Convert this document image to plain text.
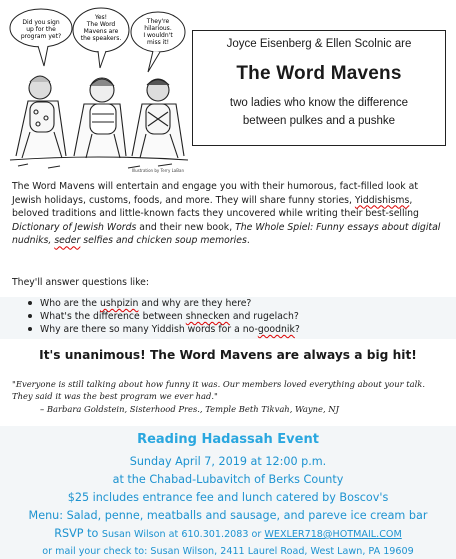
Did you sign up for the program yet?
Yes! The Word Mavens are the speakers.
They're hilarious. I wouldn't miss it!
Illustration by Terry LaBan
Joyce Eisenberg & Ellen Scolnic are
The Word Mavens
two ladies who know the difference
between pulkes and a pushke
The Word Mavens will entertain and engage you with their humorous, fact-filled look at Jewish holidays, customs, foods, and more. They will share funny stories, Yiddishisms, beloved traditions and little-known facts they uncovered while writing their best-selling Dictionary of Jewish Words and their new book, The Whole Spiel: Funny essays about digital nudniks, seder selfies and chicken soup memories.
They'll answer questions like:
Who are the ushpizin and why are they here?
What's the difference between shnecken and rugelach?
Why are there so many Yiddish words for a no-goodnik?
It's unanimous! The Word Mavens are always a big hit!
"Everyone is still talking about how funny it was. Our members loved everything about your talk. They said it was the best program we ever had."
– Barbara Goldstein, Sisterhood Pres., Temple Beth Tikvah, Wayne, NJ
Reading Hadassah Event
Sunday April 7, 2019 at 12:00 p.m.
at the Chabad-Lubavitch of Berks County
$25 includes entrance fee and lunch catered by Boscov's
Menu: Salad, penne, meatballs and sausage, and pareve ice cream bar
RSVP to Susan Wilson at 610.301.2083 or WEXLER718@HOTMAIL.COM
or mail your check to: Susan Wilson, 2411 Laurel Road, West Lawn, PA 19609
